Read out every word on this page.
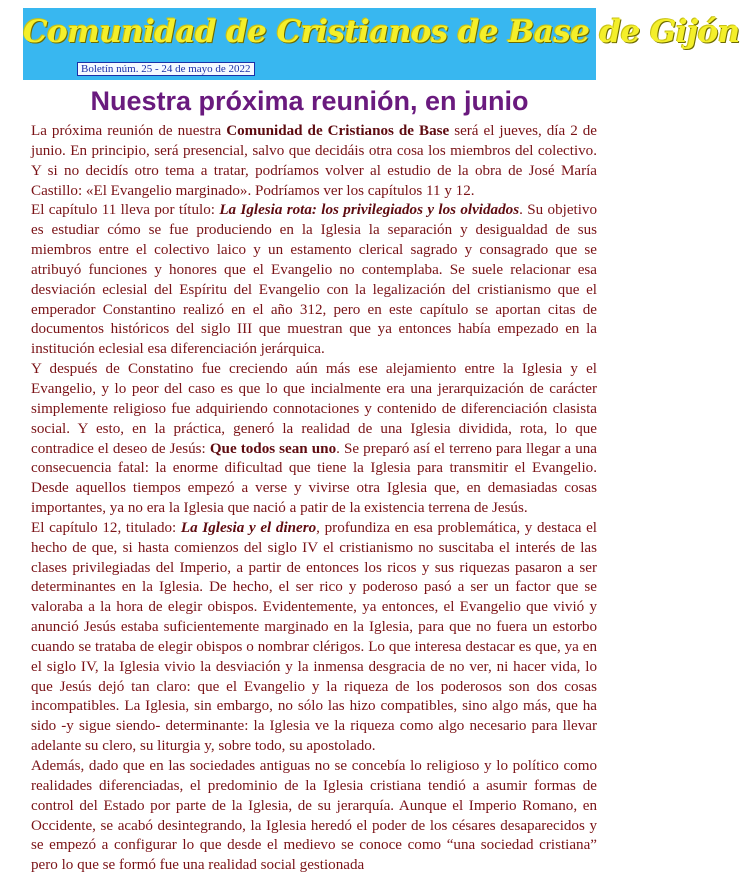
Comunidad de Cristianos de Base de Gijón
Boletín núm. 25 - 24 de mayo de 2022
Nuestra próxima reunión, en junio

La próxima reunión de nuestra Comunidad de Cristianos de Base será el jueves, día 2 de junio. En principio, será presencial, salvo que decidáis otra cosa los miembros del colectivo. Y si no decidís otro tema a tratar, podríamos volver al estudio de la obra de José María Castillo: «El Evangelio marginado». Podríamos ver los capítulos 11 y 12.

El capítulo 11 lleva por título: La Iglesia rota: los privilegiados y los olvidados. Su objetivo es estudiar cómo se fue produciendo en la Iglesia la separación y desigualdad de sus miembros entre el colectivo laico y un estamento clerical sagrado y consagrado que se atribuyó funciones y honores que el Evangelio no contemplaba. Se suele relacionar esa desviación eclesial del Espíritu del Evangelio con la legalización del cristianismo que el emperador Constantino realizó en el año 312, pero en este capítulo se aportan citas de documentos históricos del siglo III que muestran que ya entonces había empezado en la institución eclesial esa diferenciación jerárquica.

Y después de Constatino fue creciendo aún más ese alejamiento entre la Iglesia y el Evangelio, y lo peor del caso es que lo que incialmente era una jerarquización de carácter simplemente religioso fue adquiriendo connotaciones y contenido de diferenciación clasista social. Y esto, en la práctica, generó la realidad de una Iglesia dividida, rota, lo que contradice el deseo de Jesús: Que todos sean uno. Se preparó así el terreno para llegar a una consecuencia fatal: la enorme dificultad que tiene la Iglesia para transmitir el Evangelio. Desde aquellos tiempos empezó a verse y vivirse otra Iglesia que, en demasiadas cosas importantes, ya no era la Iglesia que nació a patir de la existencia terrena de Jesús.

El capítulo 12, titulado: La Iglesia y el dinero, profundiza en esa problemática, y destaca el hecho de que, si hasta comienzos del siglo IV el cristianismo no suscitaba el interés de las clases privilegiadas del Imperio, a partir de entonces los ricos y sus riquezas pasaron a ser determinantes en la Iglesia. De hecho, el ser rico y poderoso pasó a ser un factor que se valoraba a la hora de elegir obispos. Evidentemente, ya entonces, el Evangelio que vivió y anunció Jesús estaba suficientemente marginado en la Iglesia, para que no fuera un estorbo cuando se trataba de elegir obispos o nombrar clérigos. Lo que interesa destacar es que, ya en el siglo IV, la Iglesia vivio la desviación y la inmensa desgracia de no ver, ni hacer vida, lo que Jesús dejó tan claro: que el Evangelio y la riqueza de los poderosos son dos cosas incompatibles. La Iglesia, sin embargo, no sólo las hizo compatibles, sino algo más, que ha sido -y sigue siendo- determinante: la Iglesia ve la riqueza como algo necesario para llevar adelante su clero, su liturgia y, sobre todo, su apostolado.

Además, dado que en las sociedades antiguas no se concebía lo religioso y lo político como realidades diferenciadas, el predominio de la Iglesia cristiana tendió a asumir formas de control del Estado por parte de la Iglesia, de su jerarquía. Aunque el Imperio Romano, en Occidente, se acabó desintegrando, la Iglesia heredó el poder de los césares desaparecidos y se empezó a configurar lo que desde el medievo se conoce como “una sociedad cristiana” pero lo que se formó fue una realidad social gestionada
